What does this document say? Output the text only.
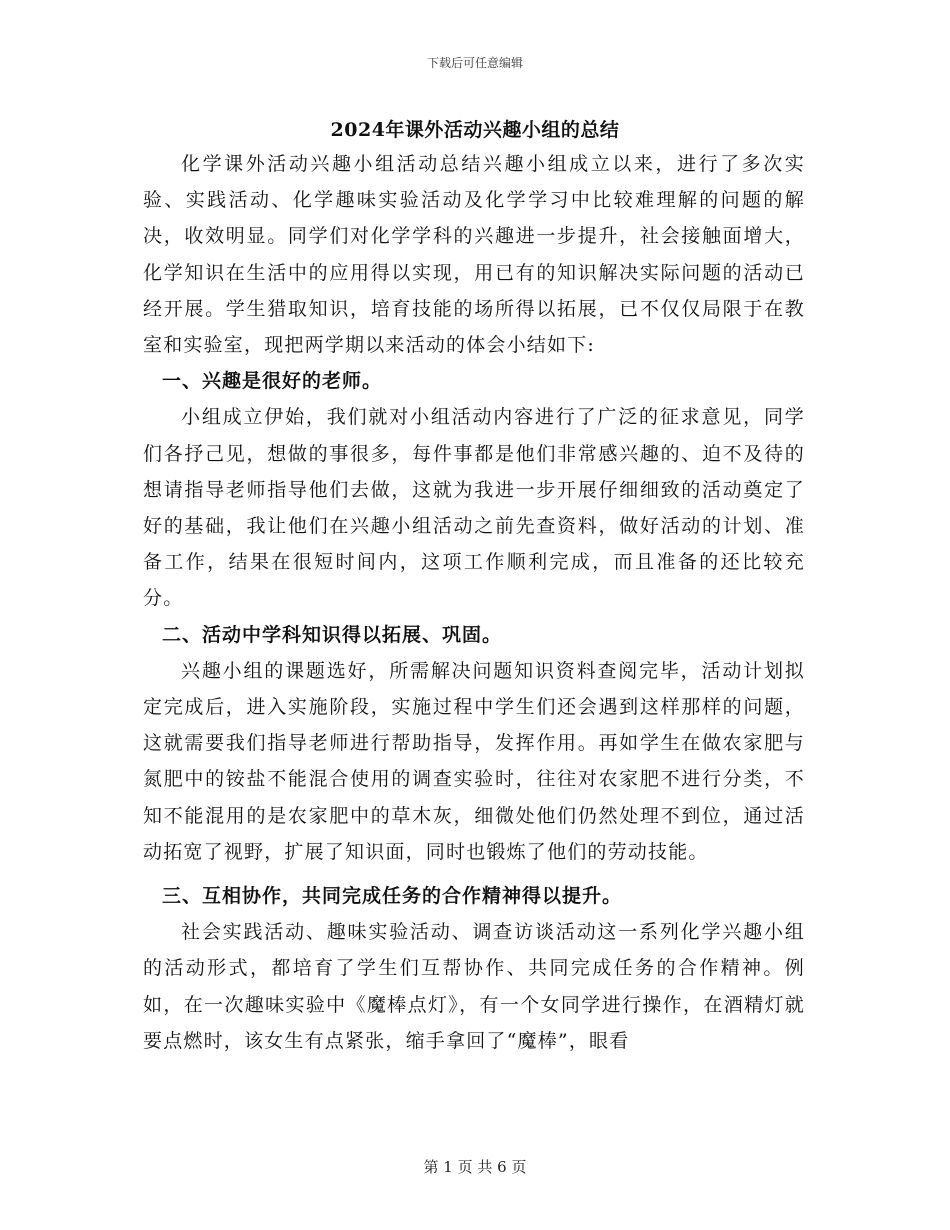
下载后可任意编辑
2024年课外活动兴趣小组的总结

化学课外活动兴趣小组活动总结兴趣小组成立以来，进行了多次实验、实践活动、化学趣味实验活动及化学学习中比较难理解的问题的解决，收效明显。同学们对化学学科的兴趣进一步提升，社会接触面增大，化学知识在生活中的应用得以实现，用已有的知识解决实际问题的活动已经开展。学生猎取知识，培育技能的场所得以拓展，已不仅仅局限于在教室和实验室，现把两学期以来活动的体会小结如下:

一、兴趣是很好的老师。

小组成立伊始，我们就对小组活动内容进行了广泛的征求意见，同学们各抒己见，想做的事很多，每件事都是他们非常感兴趣的、迫不及待的想请指导老师指导他们去做，这就为我进一步开展仔细细致的活动奠定了好的基础，我让他们在兴趣小组活动之前先查资料，做好活动的计划、准备工作，结果在很短时间内，这项工作顺利完成，而且准备的还比较充分。

二、活动中学科知识得以拓展、巩固。

兴趣小组的课题选好，所需解决问题知识资料查阅完毕，活动计划拟定完成后，进入实施阶段，实施过程中学生们还会遇到这样那样的问题，这就需要我们指导老师进行帮助指导，发挥作用。再如学生在做农家肥与氮肥中的铵盐不能混合使用的调查实验时，往往对农家肥不进行分类，不知不能混用的是农家肥中的草木灰，细微处他们仍然处理不到位，通过活动拓宽了视野，扩展了知识面，同时也锻炼了他们的劳动技能。

三、互相协作，共同完成任务的合作精神得以提升。

社会实践活动、趣味实验活动、调查访谈活动这一系列化学兴趣小组的活动形式，都培育了学生们互帮协作、共同完成任务的合作精神。例如，在一次趣味实验中《魔棒点灯》，有一个女同学进行操作，在酒精灯就要点燃时，该女生有点紧张，缩手拿回了“魔棒”，眼看

第 1 页 共 6 页
